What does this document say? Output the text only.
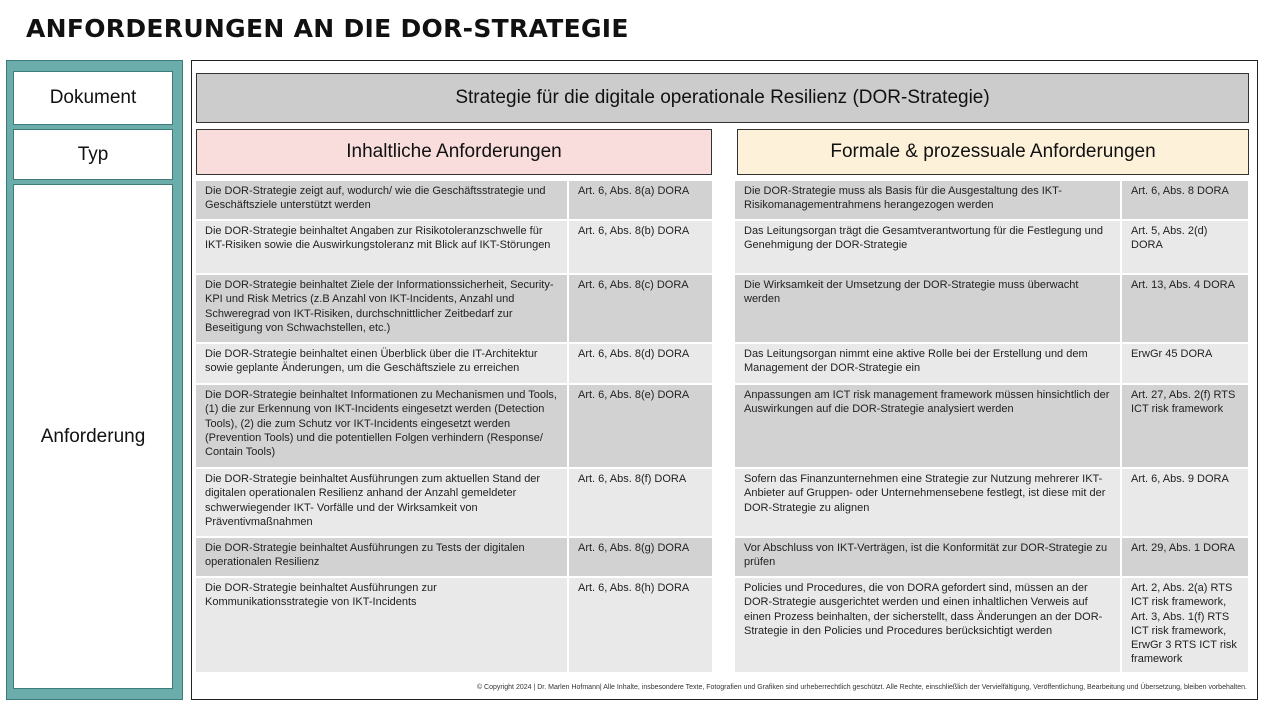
ANFORDERUNGEN AN DIE DOR-STRATEGIE
Dokument
Typ
Anforderung
Strategie für die digitale operationale Resilienz (DOR-Strategie)
Inhaltliche Anforderungen	Formale & prozessuale Anforderungen
Die DOR-Strategie zeigt auf, wodurch/ wie die Geschäftsstrategie und Geschäftsziele unterstützt werden
Art. 6, Abs. 8(a) DORA
Die DOR-Strategie beinhaltet Angaben zur Risikotoleranzschwelle für IKT-Risiken sowie die Auswirkungstoleranz mit Blick auf IKT-Störungen
Art. 6, Abs. 8(b) DORA
Die DOR-Strategie beinhaltet Ziele der Informationssicherheit, Security-KPI und Risk Metrics (z.B Anzahl von IKT-Incidents, Anzahl und Schweregrad von IKT-Risiken, durchschnittlicher Zeitbedarf zur Beseitigung von Schwachstellen, etc.)
Art. 6, Abs. 8(c) DORA
Die DOR-Strategie beinhaltet einen Überblick über die IT-Architektur sowie geplante Änderungen, um die Geschäftsziele zu erreichen
Art. 6, Abs. 8(d) DORA
Die DOR-Strategie beinhaltet Informationen zu Mechanismen und Tools, (1) die zur Erkennung von IKT-Incidents eingesetzt werden (Detection Tools), (2) die zum Schutz vor IKT-Incidents eingesetzt werden (Prevention Tools) und die potentiellen Folgen verhindern (Response/ Contain Tools)
Art. 6, Abs. 8(e) DORA
Die DOR-Strategie beinhaltet Ausführungen zum aktuellen Stand der digitalen operationalen Resilienz anhand der Anzahl gemeldeter schwerwiegender IKT- Vorfälle und der Wirksamkeit von Präventivmaßnahmen
Art. 6, Abs. 8(f) DORA
Die DOR-Strategie beinhaltet Ausführungen zu Tests der digitalen operationalen Resilienz
Art. 6, Abs. 8(g) DORA
Die DOR-Strategie beinhaltet Ausführungen zur Kommunikationsstrategie von IKT-Incidents
Art. 6, Abs. 8(h) DORA
Die DOR-Strategie muss als Basis für die Ausgestaltung des IKT-Risikomanagementrahmens herangezogen werden
Art. 6, Abs. 8 DORA
Das Leitungsorgan trägt die Gesamtverantwortung für die Festlegung und Genehmigung der DOR-Strategie
Art. 5, Abs. 2(d) DORA
Die Wirksamkeit der Umsetzung der DOR-Strategie muss überwacht werden
Art. 13, Abs. 4 DORA
Das Leitungsorgan nimmt eine aktive Rolle bei der Erstellung und dem Management der DOR-Strategie ein
ErwGr 45 DORA
Anpassungen am ICT risk management framework müssen hinsichtlich der Auswirkungen auf die DOR-Strategie analysiert werden
Art. 27, Abs. 2(f) RTS ICT risk framework
Sofern das Finanzunternehmen eine Strategie zur Nutzung mehrerer IKT-Anbieter auf Gruppen- oder Unternehmensebene festlegt, ist diese mit der DOR-Strategie zu alignen
Art. 6, Abs. 9 DORA
Vor Abschluss von IKT-Verträgen, ist die Konformität zur DOR-Strategie zu prüfen
Art. 29, Abs. 1 DORA
Policies und Procedures, die von DORA gefordert sind, müssen an der DOR-Strategie ausgerichtet werden und einen inhaltlichen Verweis auf einen Prozess beinhalten, der sicherstellt, dass Änderungen an der DOR-Strategie in den Policies und Procedures berücksichtigt werden
Art. 2, Abs. 2(a) RTS ICT risk framework, Art. 3, Abs. 1(f) RTS ICT risk framework, ErwGr 3 RTS ICT risk framework
© Copyright 2024 | Dr. Marlen Hofmann| Alle Inhalte, insbesondere Texte, Fotografien und Grafiken sind urheberrechtlich geschützt. Alle Rechte, einschließlich der Vervielfältigung, Veröffentlichung, Bearbeitung und Übersetzung, bleiben vorbehalten.
